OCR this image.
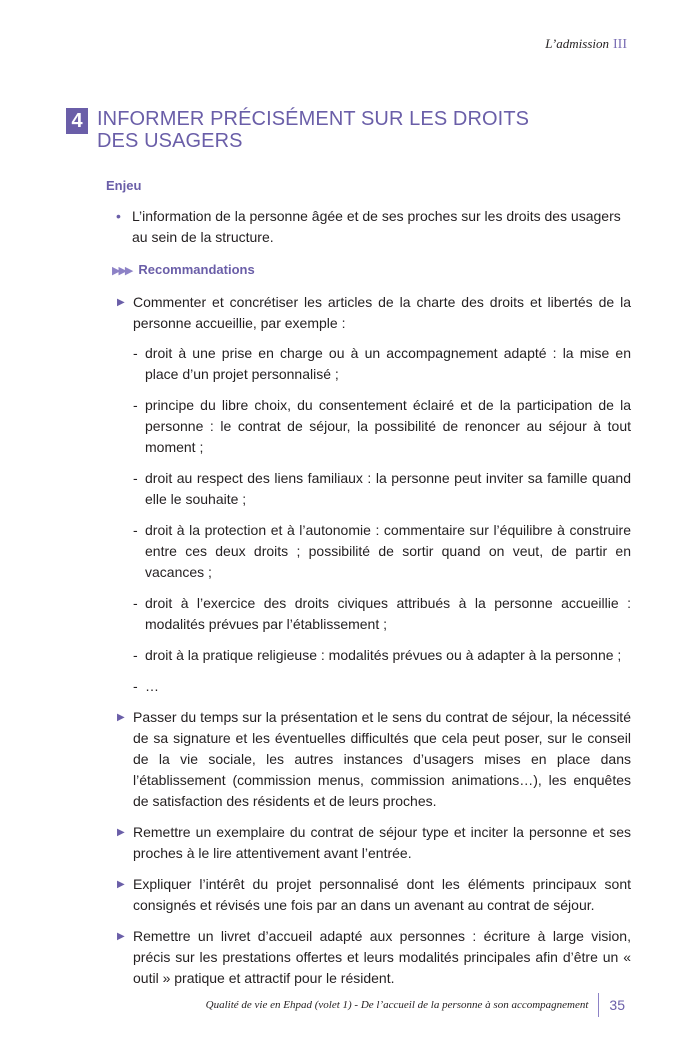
L’admission III
4 INFORMER PRÉCISÉMENT SUR LES DROITS
DES USAGERS
Enjeu
• L’information de la personne âgée et de ses proches sur les droits des usagers au sein de la structure.
▶▶▶ Recommandations
▶ Commenter et concrétiser les articles de la charte des droits et libertés de la personne accueillie, par exemple :
- droit à une prise en charge ou à un accompagnement adapté : la mise en place d’un projet personnalisé ;
- principe du libre choix, du consentement éclairé et de la participation de la personne : le contrat de séjour, la possibilité de renoncer au séjour à tout moment ;
- droit au respect des liens familiaux : la personne peut inviter sa famille quand elle le souhaite ;
- droit à la protection et à l’autonomie : commentaire sur l’équilibre à construire entre ces deux droits ; possibilité de sortir quand on veut, de partir en vacances ;
- droit à l’exercice des droits civiques attribués à la personne accueillie : modalités prévues par l’établissement ;
- droit à la pratique religieuse : modalités prévues ou à adapter à la personne ;
- …
▶ Passer du temps sur la présentation et le sens du contrat de séjour, la nécessité de sa signature et les éventuelles difficultés que cela peut poser, sur le conseil de la vie sociale, les autres instances d’usagers mises en place dans l’établissement (commission menus, commission animations…), les enquêtes de satisfaction des résidents et de leurs proches.
▶ Remettre un exemplaire du contrat de séjour type et inciter la personne et ses proches à le lire attentivement avant l’entrée.
▶ Expliquer l’intérêt du projet personnalisé dont les éléments principaux sont consignés et révisés une fois par an dans un avenant au contrat de séjour.
▶ Remettre un livret d’accueil adapté aux personnes : écriture à large vision, précis sur les prestations offertes et leurs modalités principales afin d’être un « outil » pratique et attractif pour le résident.
Qualité de vie en Ehpad (volet 1) - De l’accueil de la personne à son accompagnement 35
